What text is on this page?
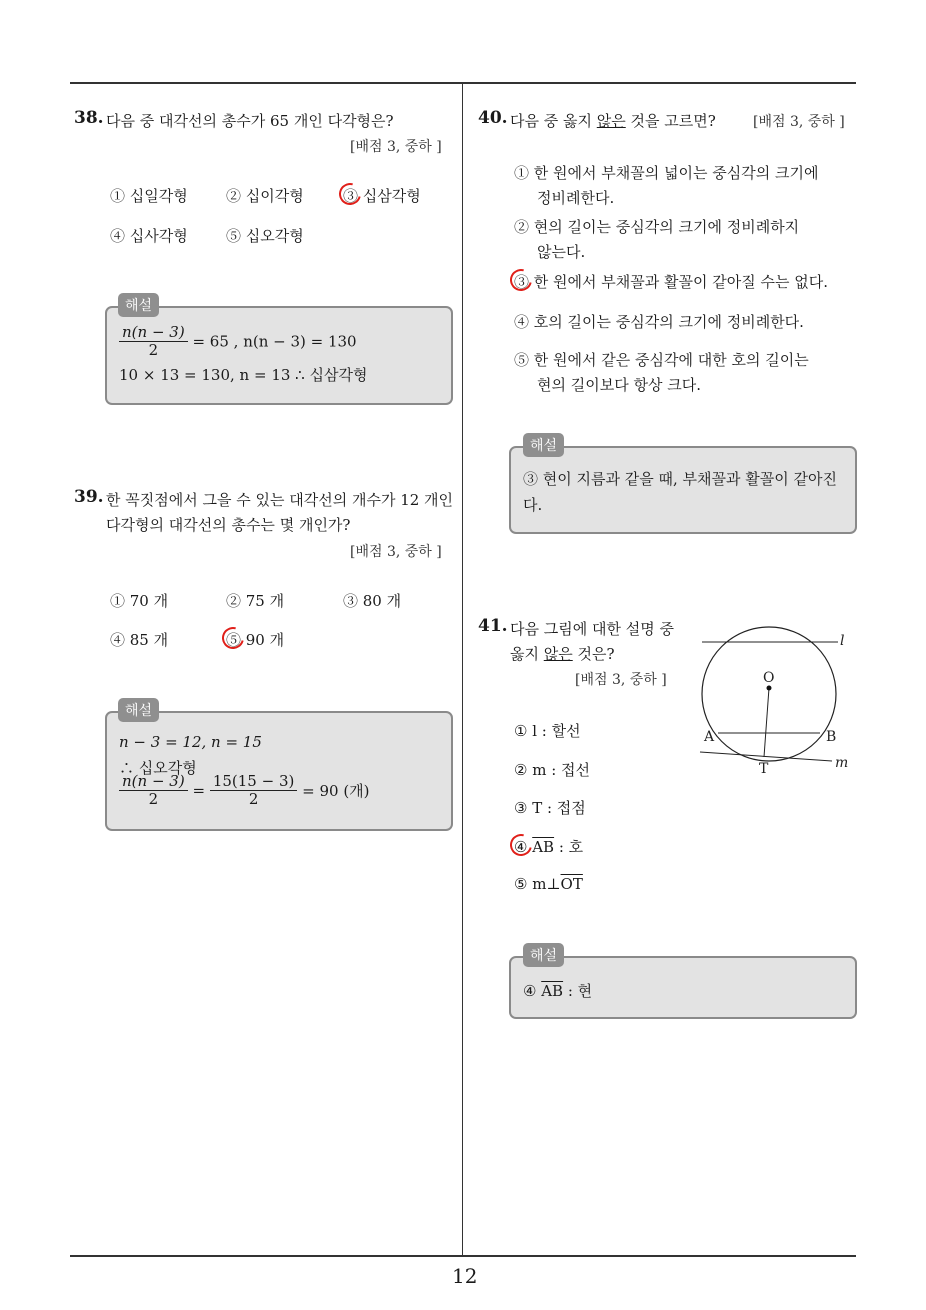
12
38. 다음 중 대각선의 총수가 65 개인 다각형은?
[배점 3, 중하 ]
① 십일각형	② 십이각형	③ 십삼각형
④ 십사각형	⑤ 십오각형
$\frac{n(n - 3)}{2} = 65$ , n(n − 3) = 130
10 × 13 = 130, n = 13 ∴ 십삼각형
해설
39. 한 꼭짓점에서 그을 수 있는 대각선의 개수가 12 개인
다각형의 대각선의 총수는 몇 개인가?
[배점 3, 중하 ]
① 70 개	② 75 개	③ 80 개
④ 85 개	⑤ 90 개
n − 3 = 12, n = 15
∴ 십오각형
$\frac{n(n - 3)}{2} = \frac{15(15 - 3)}{2} = 90$ (개)
해설
40. 다음 중 옳지 않은 것을 고르면?	[배점 3, 중하 ]
① 한 원에서 부채꼴의 넓이는 중심각의 크기에
정비례한다.
② 현의 길이는 중심각의 크기에 정비례하지
않는다.
③ 한 원에서 부채꼴과 활꼴이 같아질 수는 없다.
④ 호의 길이는 중심각의 크기에 정비례한다.
⑤ 한 원에서 같은 중심각에 대한 호의 길이는
현의 길이보다 항상 크다.
③ 현이 지름과 같을 때, 부채꼴과 활꼴이 같아진
다.
해설
41. 다음 그림에 대한 설명 중
옳지 않은 것은?
[배점 3, 중하 ]
① l : 할선
② m : 접선
③ T : 접점
④ $\overline{AB}$ : 호
⑤ $m\perp\overline{OT}$
l
O
A	B
T	m
④ $\overline{AB}$ : 현
해설
